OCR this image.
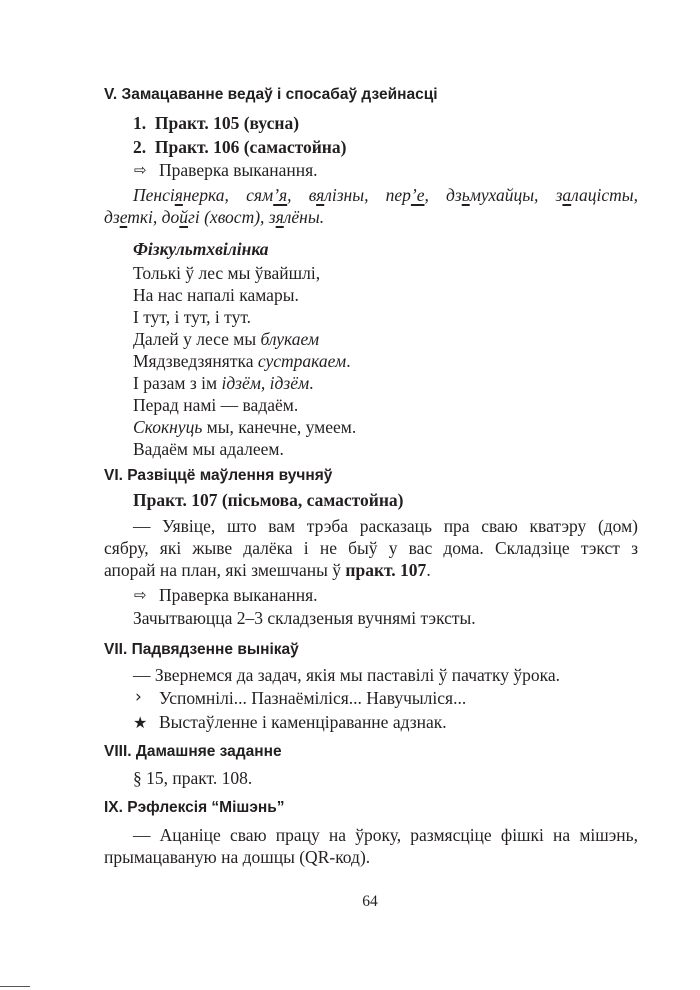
V. Замацаванне ведаў і спосабаў дзейнасці
1. Практ. 105 (вусна)
2. Практ. 106 (самастойна)
⇨ Праверка выканання.
Пенсіянерка, сям’я, вялізны, пер’е, дзьмухайцы, залацісты,
дзеткі, дойгі (хвост), зялёны.
Фізкультхвілінка
Толькі ў лес мы ўвайшлі,
На нас напалі камары.
І тут, і тут, і тут.
Далей у лесе мы блукаем
Мядзведзянятка сустракаем.
І разам з ім ідзём, ідзём.
Перад намі — вадаём.
Скокнуць мы, канечне, умеем.
Вадаём мы адалеем.
VI. Развіццё маўлення вучняў
Практ. 107 (пісьмова, самастойна)
— Уявіце, што вам трэба расказаць пра сваю кватэру (дом)
сябру, які жыве далёка і не быў у вас дома. Складзіце тэкст з
апорай на план, які змешчаны ў практ. 107.
⇨ Праверка выканання.
Зачытваюцца 2–3 складзеныя вучнямі тэксты.
VII. Падвядзенне вынікаў
— Звернемся да задач, якія мы паставілі ў пачатку ўрока.
› Успомнілі... Пазнаёміліся... Навучыліся...
★ Выстаўленне і каменціраванне адзнак.
VIII. Дамашняе заданне
§ 15, практ. 108.
IX. Рэфлексія “Мішэнь”
— Ацаніце сваю працу на ўроку, размясціце фішкі на мішэнь,
прымацаваную на дошцы (QR-код).
64
